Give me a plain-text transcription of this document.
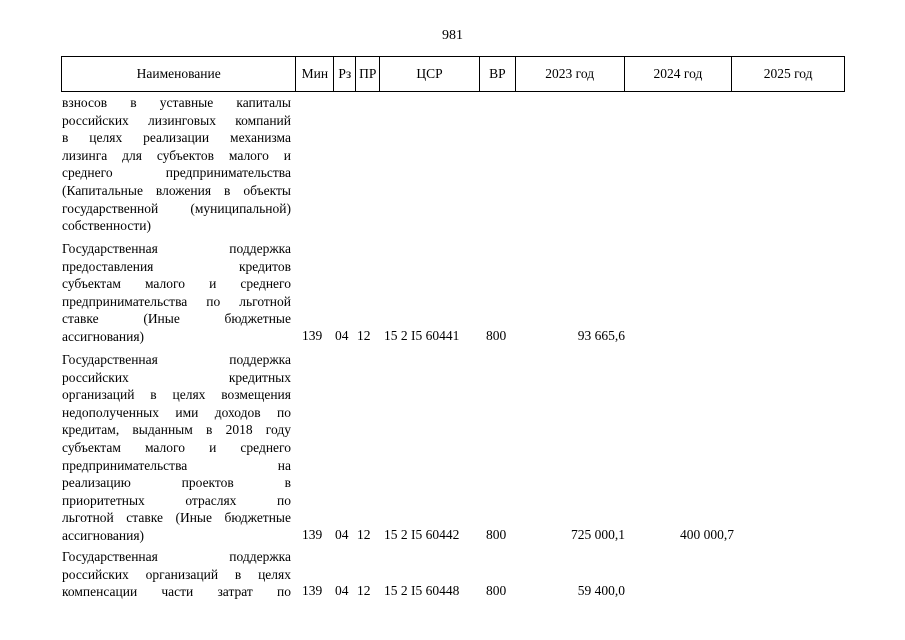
981
Наименование	Мин Рз ПР	ЦСР	ВР	2023 год	2024 год	2025 год
взносов в уставные капиталы
российских лизинговых компаний
в целях реализации механизма
лизинга для субъектов малого и
среднего предпринимательства
(Капитальные вложения в объекты
государственной (муниципальной)
собственности)
Государственная поддержка
предоставления кредитов
субъектам малого и среднего
предпринимательства по льготной
ставке (Иные бюджетные
ассигнования)	139 04 12 15 2 I5 60441 800	93 665,6
Государственная поддержка
российских кредитных
организаций в целях возмещения
недополученных ими доходов по
кредитам, выданным в 2018 году
субъектам малого и среднего
предпринимательства на
реализацию проектов в
приоритетных отраслях по
льготной ставке (Иные бюджетные
ассигнования)	139 04 12 15 2 I5 60442 800	725 000,1	400 000,7
Государственная поддержка
российских организаций в целях
компенсации части затрат по 139 04 12 15 2 I5 60448 800	59 400,0
